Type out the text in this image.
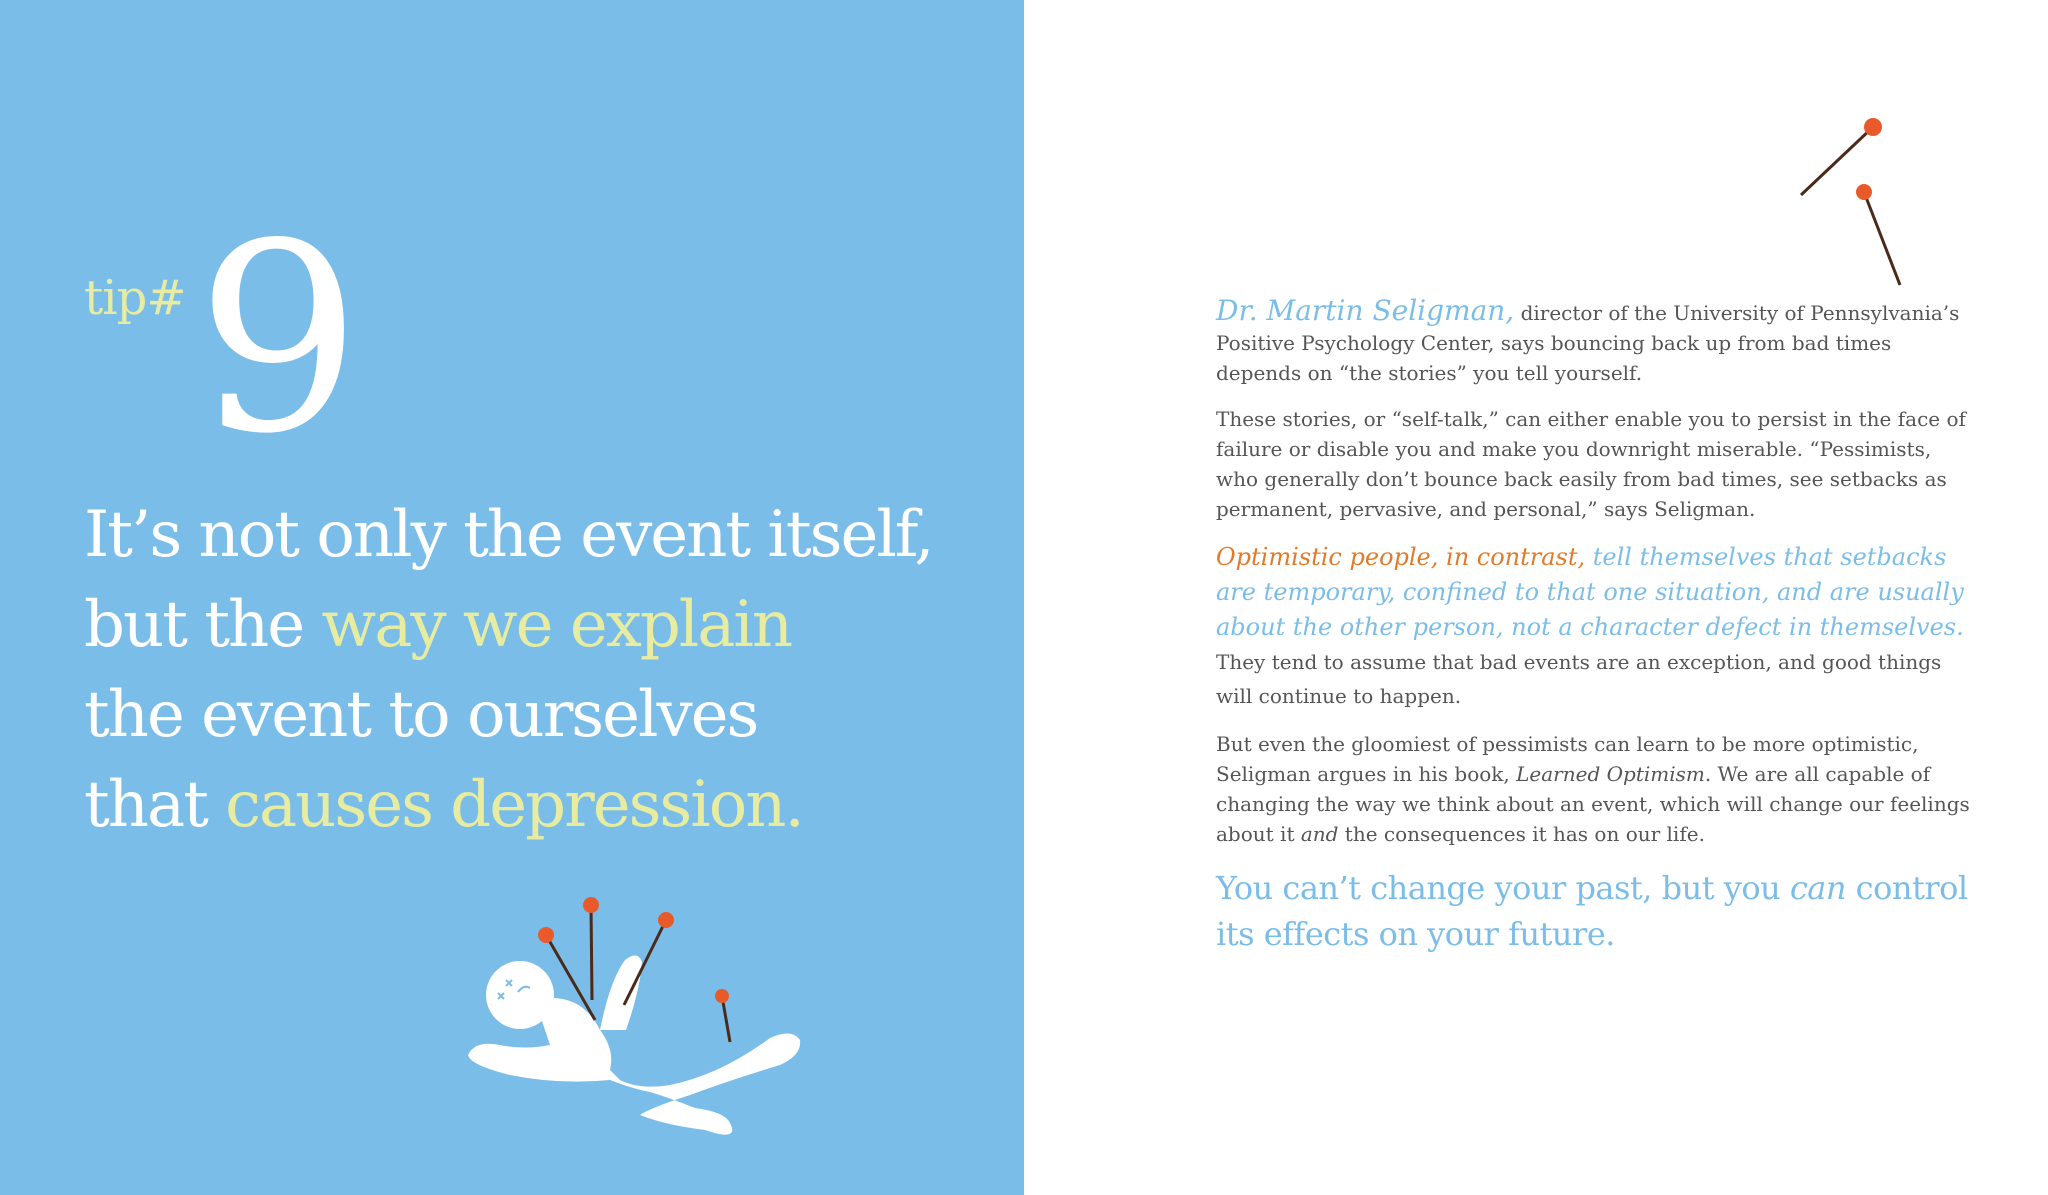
tip# 9
It’s not only the event itself,
but the way we explain
the event to ourselves
that causes depression.

Dr. Martin Seligman, director of the University of Pennsylvania’s Positive Psychology Center, says bouncing back up from bad times depends on “the stories” you tell yourself.

These stories, or “self-talk,” can either enable you to persist in the face of failure or disable you and make you downright miserable. “Pessimists, who generally don’t bounce back easily from bad times, see setbacks as permanent, pervasive, and personal,” says Seligman.

Optimistic people, in contrast, tell themselves that setbacks are temporary, confined to that one situation, and are usually about the other person, not a character defect in themselves. They tend to assume that bad events are an exception, and good things will continue to happen.

But even the gloomiest of pessimists can learn to be more optimistic, Seligman argues in his book, Learned Optimism. We are all capable of changing the way we think about an event, which will change our feelings about it and the consequences it has on our life.

You can’t change your past, but you can control its effects on your future.
